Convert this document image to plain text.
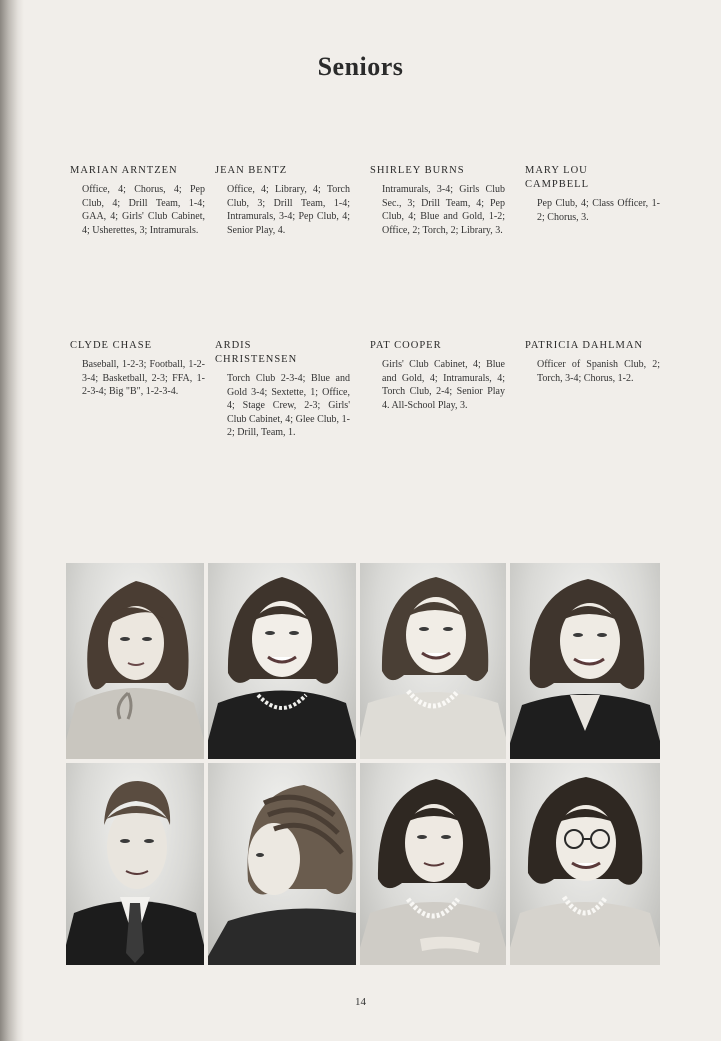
Seniors
MARIAN ARNTZEN
Office, 4; Chorus, 4; Pep Club, 4; Drill Team, 1-4; GAA, 4; Girls' Club Cabinet, 4; Usherettes, 3; Intramurals.
JEAN BENTZ
Office, 4; Library, 4; Torch Club, 3; Drill Team, 1-4; Intramurals, 3-4; Pep Club, 4; Senior Play, 4.
SHIRLEY BURNS
Intramurals, 3-4; Girls Club Sec., 3; Drill Team, 4; Pep Club, 4; Blue and Gold, 1-2; Office, 2; Torch, 2; Library, 3.
MARY LOU CAMPBELL
Pep Club, 4; Class Officer, 1-2; Chorus, 3.
CLYDE CHASE
Baseball, 1-2-3; Football, 1-2-3-4; Basketball, 2-3; FFA, 1-2-3-4; Big "B", 1-2-3-4.
ARDIS CHRISTENSEN
Torch Club 2-3-4; Blue and Gold 3-4; Sextette, 1; Office, 4; Stage Crew, 2-3; Girls' Club Cabinet, 4; Glee Club, 1-2; Drill, Team, 1.
PAT COOPER
Girls' Club Cabinet, 4; Blue and Gold, 4; Intramurals, 4; Torch Club, 2-4; Senior Play 4. All-School Play, 3.
PATRICIA DAHLMAN
Officer of Spanish Club, 2; Torch, 3-4; Chorus, 1-2.
14
